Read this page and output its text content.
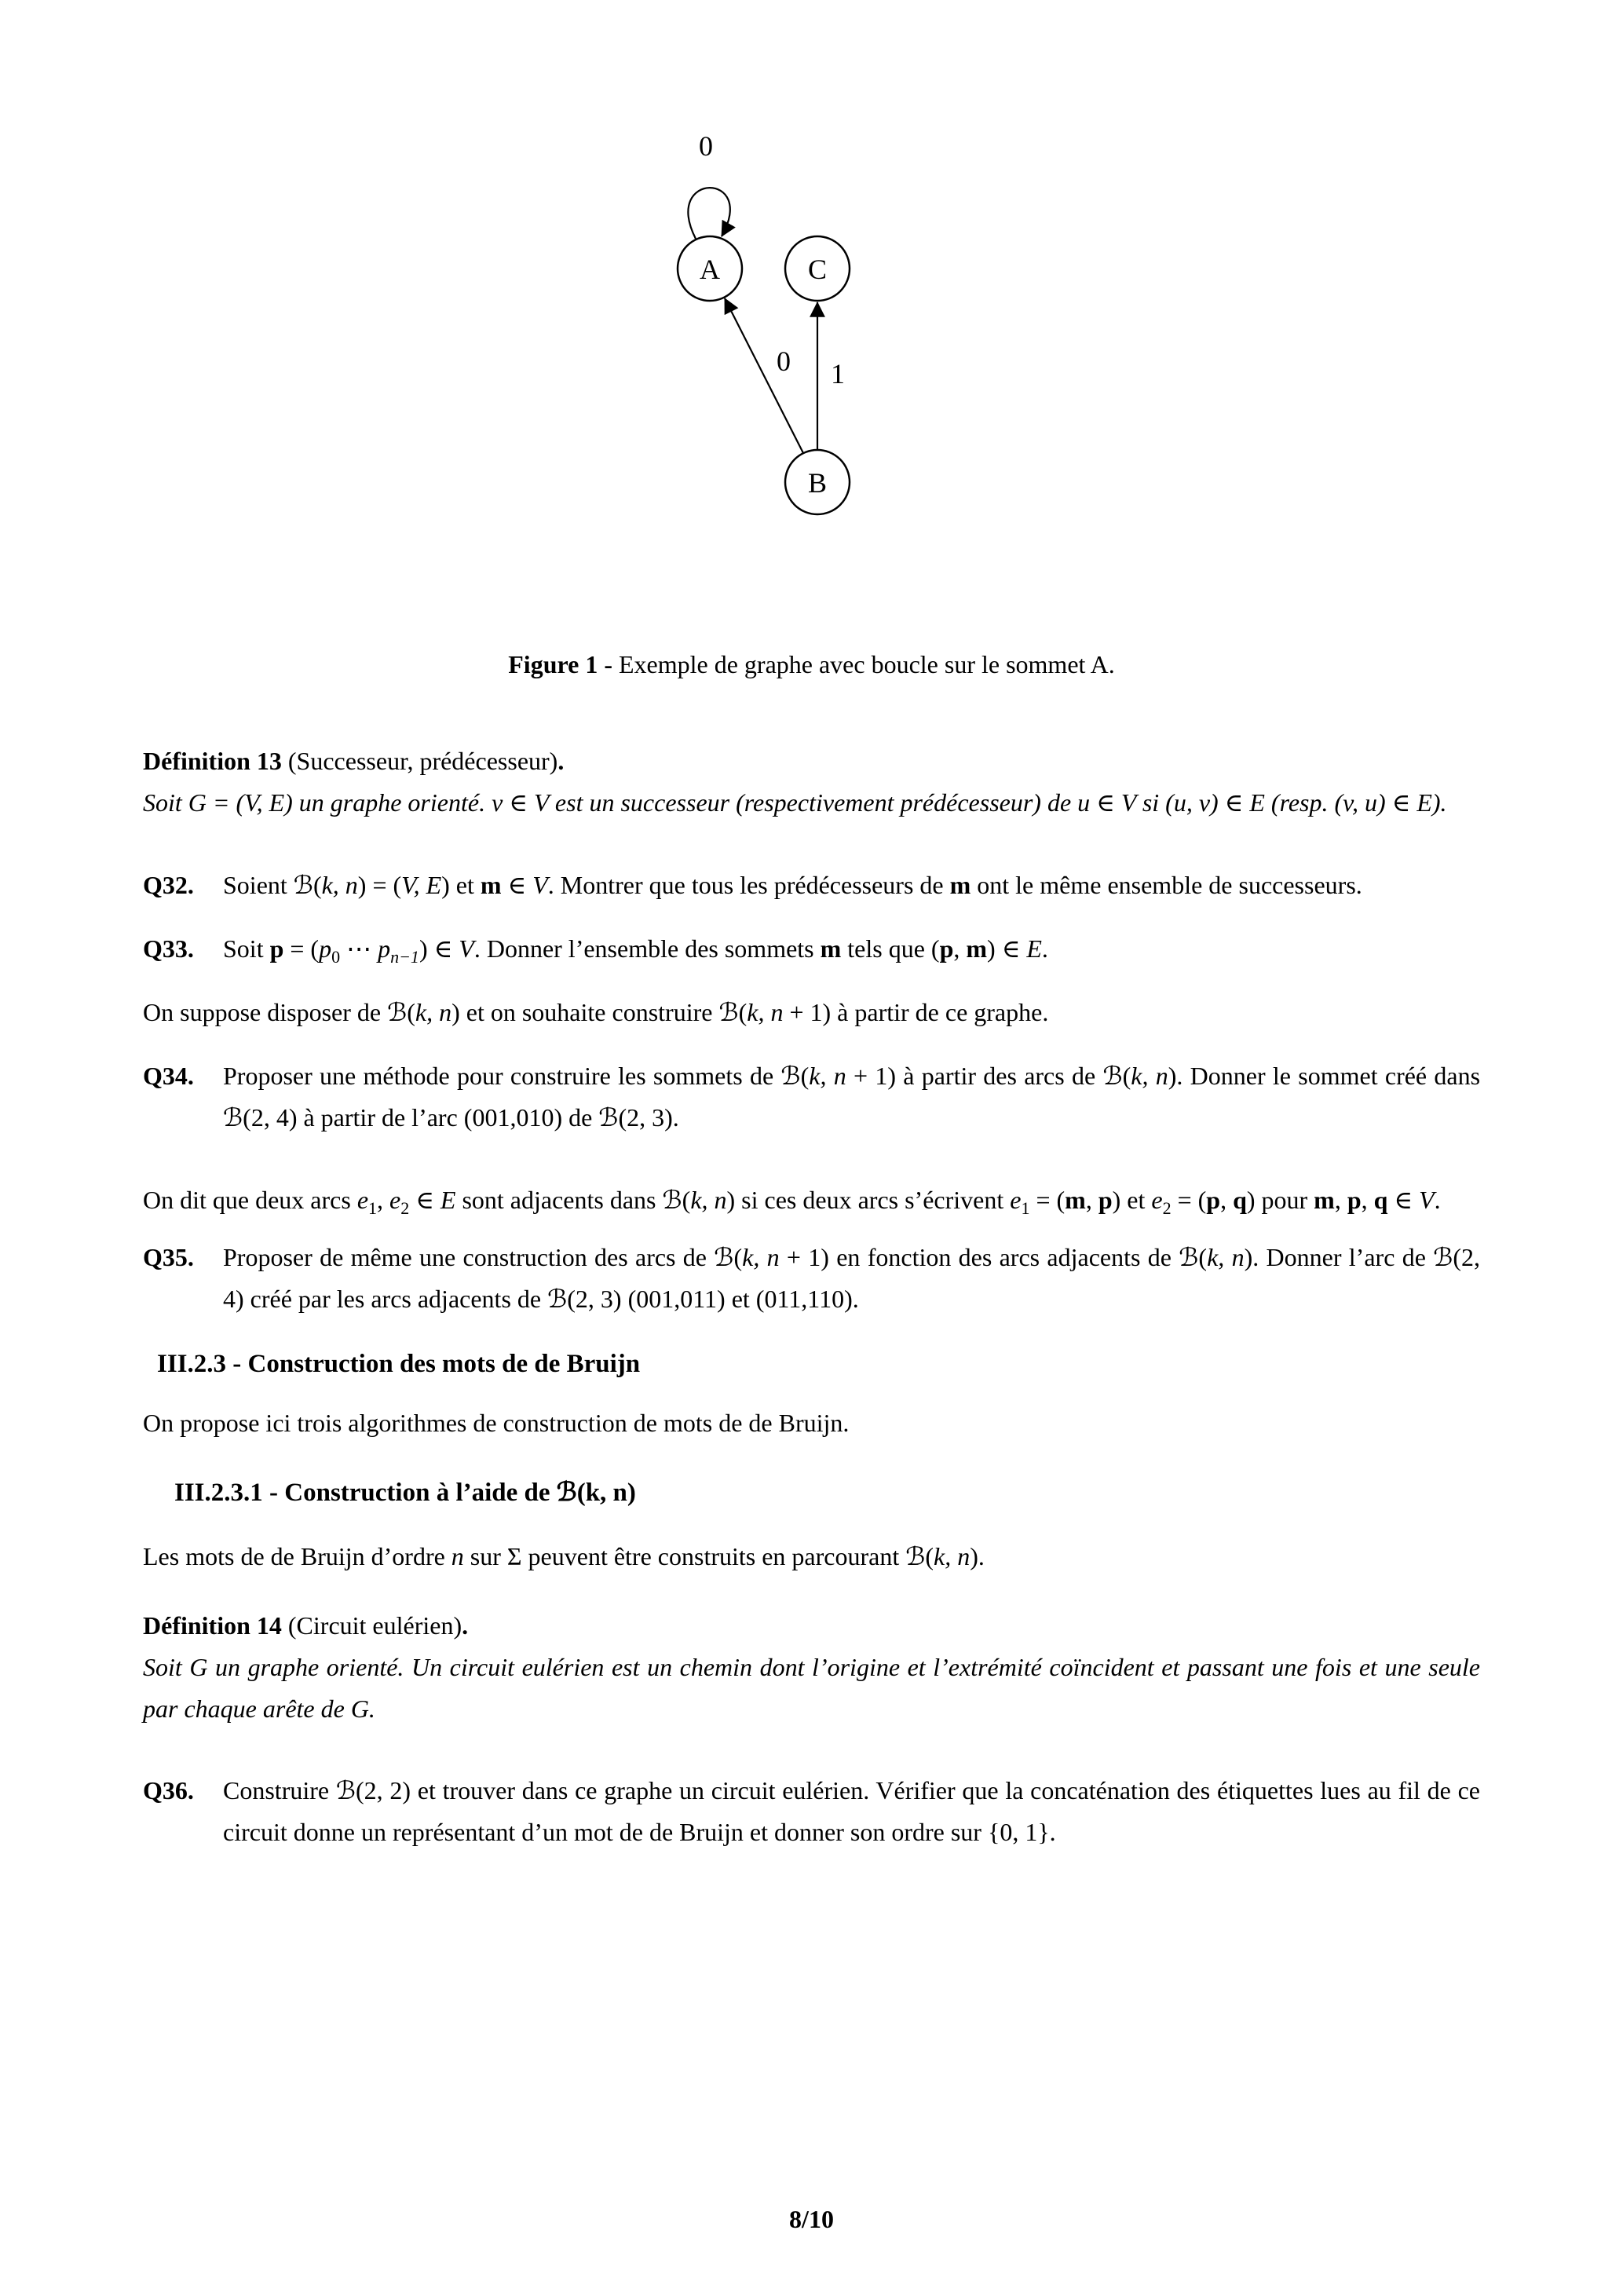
0
0 1
A	C
B
Figure 1 - Exemple de graphe avec boucle sur le sommet A.
Définition 13 (Successeur, prédécesseur).
Soit G = (V, E) un graphe orienté. v ∈ V est un successeur (respectivement prédécesseur) de u ∈ V si (u, v) ∈ E (resp. (v, u) ∈ E).
Q32. Soient ℬ(k, n) = (V, E) et m ∈ V. Montrer que tous les prédécesseurs de m ont le même ensemble de successeurs.
Q33. Soit $p = (p_0$ ⋯ $p_{n-1}$) ∈ V. Donner l’ensemble des sommets m tels que (p, m) ∈ E.
On suppose disposer de ℬ(k, n) et on souhaite construire ℬ(k, n + 1) à partir de ce graphe.
Q34. Proposer une méthode pour construire les sommets de ℬ(k, n + 1) à partir des arcs de ℬ(k, n). Donner le sommet créé dans ℬ(2, 4) à partir de l’arc (001,010) de ℬ(2, 3).
On dit que deux arcs $e_1$, $e_2$ ∈ E sont adjacents dans ℬ(k, n) si ces deux arcs s’écrivent $e_1 = (m$, p) et $e_2 = (p$, q) pour m, p, q ∈ V.
Q35. Proposer de même une construction des arcs de ℬ(k, n + 1) en fonction des arcs adjacents de ℬ(k, n). Donner l’arc de ℬ(2, 4) créé par les arcs adjacents de ℬ(2, 3) (001,011) et (011,110).
III.2.3 - Construction des mots de de Bruijn
On propose ici trois algorithmes de construction de mots de de Bruijn.
III.2.3.1 - Construction à l’aide de ℬ(k, n)
Les mots de de Bruijn d’ordre n sur Σ peuvent être construits en parcourant ℬ(k, n).
Définition 14 (Circuit eulérien).
Soit G un graphe orienté. Un circuit eulérien est un chemin dont l’origine et l’extrémité coïncident et passant une fois et une seule par chaque arête de G.
Q36. Construire ℬ(2, 2) et trouver dans ce graphe un circuit eulérien. Vérifier que la concaténation des étiquettes lues au fil de ce circuit donne un représentant d’un mot de de Bruijn et donner son ordre sur {0, 1}.
8/10
